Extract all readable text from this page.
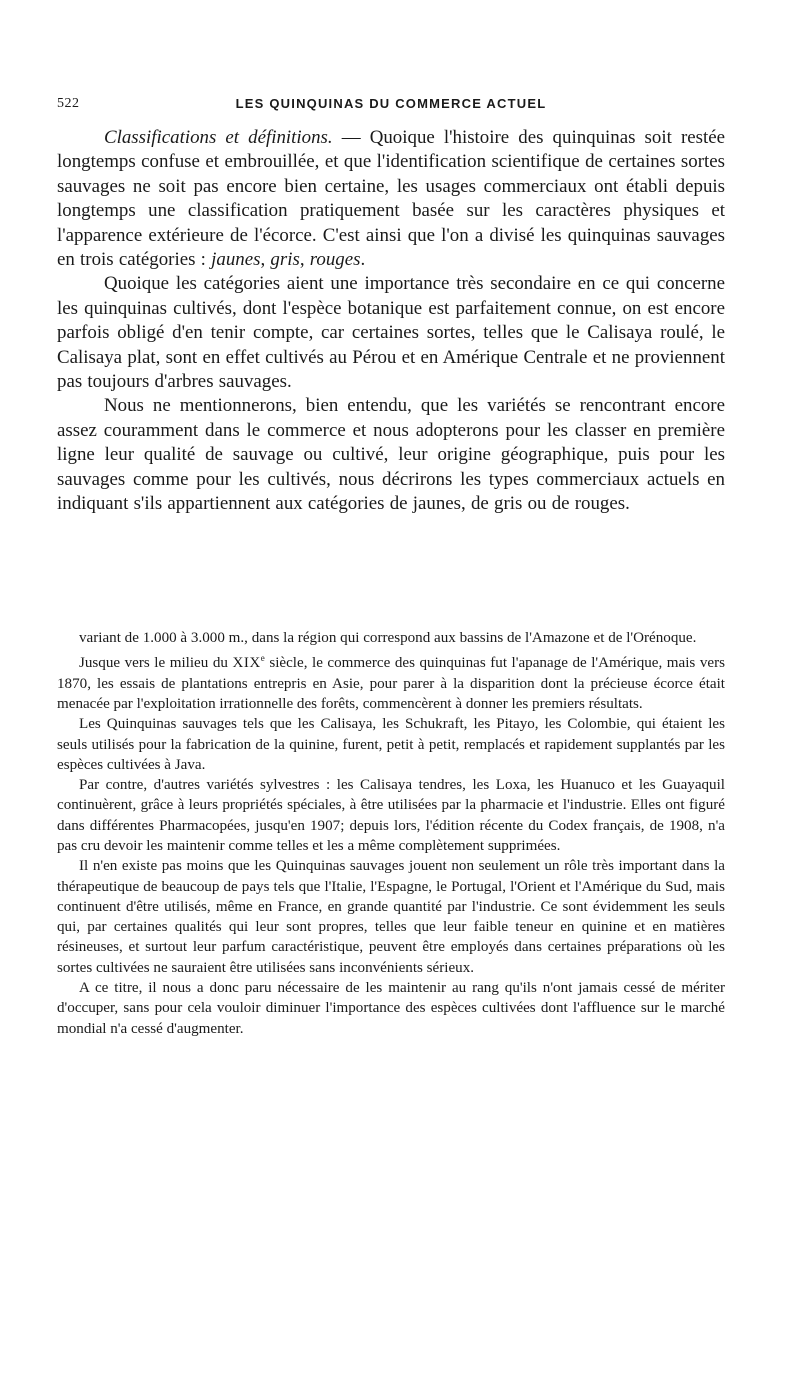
522	LES QUINQUINAS DU COMMERCE ACTUEL

Classifications et définitions. — Quoique l'histoire des quinquinas soit restée longtemps confuse et embrouillée, et que l'identification scientifique de certaines sortes sauvages ne soit pas encore bien certaine, les usages commerciaux ont établi depuis longtemps une classification pratiquement basée sur les caractères physiques et l'apparence extérieure de l'écorce. C'est ainsi que l'on a divisé les quinquinas sauvages en trois catégories : jaunes, gris, rouges.

Quoique les catégories aient une importance très secondaire en ce qui concerne les quinquinas cultivés, dont l'espèce botanique est parfaitement connue, on est encore parfois obligé d'en tenir compte, car certaines sortes, telles que le Calisaya roulé, le Calisaya plat, sont en effet cultivés au Pérou et en Amérique Centrale et ne proviennent pas toujours d'arbres sauvages.

Nous ne mentionnerons, bien entendu, que les variétés se rencontrant encore assez couramment dans le commerce et nous adopterons pour les classer en première ligne leur qualité de sauvage ou cultivé, leur origine géographique, puis pour les sauvages comme pour les cultivés, nous décrirons les types commerciaux actuels en indiquant s'ils appartiennent aux catégories de jaunes, de gris ou de rouges.

variant de 1.000 à 3.000 m., dans la région qui correspond aux bassins de l'Amazone et de l'Orénoque.

Jusque vers le milieu du XIXe siècle, le commerce des quinquinas fut l'apanage de l'Amérique, mais vers 1870, les essais de plantations entrepris en Asie, pour parer à la disparition dont la précieuse écorce était menacée par l'exploitation irrationnelle des forêts, commencèrent à donner les premiers résultats.

Les Quinquinas sauvages tels que les Calisaya, les Schukraft, les Pitayo, les Colombie, qui étaient les seuls utilisés pour la fabrication de la quinine, furent, petit à petit, remplacés et rapidement supplantés par les espèces cultivées à Java.

Par contre, d'autres variétés sylvestres : les Calisaya tendres, les Loxa, les Huanuco et les Guayaquil continuèrent, grâce à leurs propriétés spéciales, à être utilisées par la pharmacie et l'industrie. Elles ont figuré dans différentes Pharmacopées, jusqu'en 1907; depuis lors, l'édition récente du Codex français, de 1908, n'a pas cru devoir les maintenir comme telles et les a même complètement supprimées.

Il n'en existe pas moins que les Quinquinas sauvages jouent non seulement un rôle très important dans la thérapeutique de beaucoup de pays tels que l'Italie, l'Espagne, le Portugal, l'Orient et l'Amérique du Sud, mais continuent d'être utilisés, même en France, en grande quantité par l'industrie. Ce sont évidemment les seuls qui, par certaines qualités qui leur sont propres, telles que leur faible teneur en quinine et en matières résineuses, et surtout leur parfum caractéristique, peuvent être employés dans certaines préparations où les sortes cultivées ne sauraient être utilisées sans inconvénients sérieux.

A ce titre, il nous a donc paru nécessaire de les maintenir au rang qu'ils n'ont jamais cessé de mériter d'occuper, sans pour cela vouloir diminuer l'importance des espèces cultivées dont l'affluence sur le marché mondial n'a cessé d'augmenter.
